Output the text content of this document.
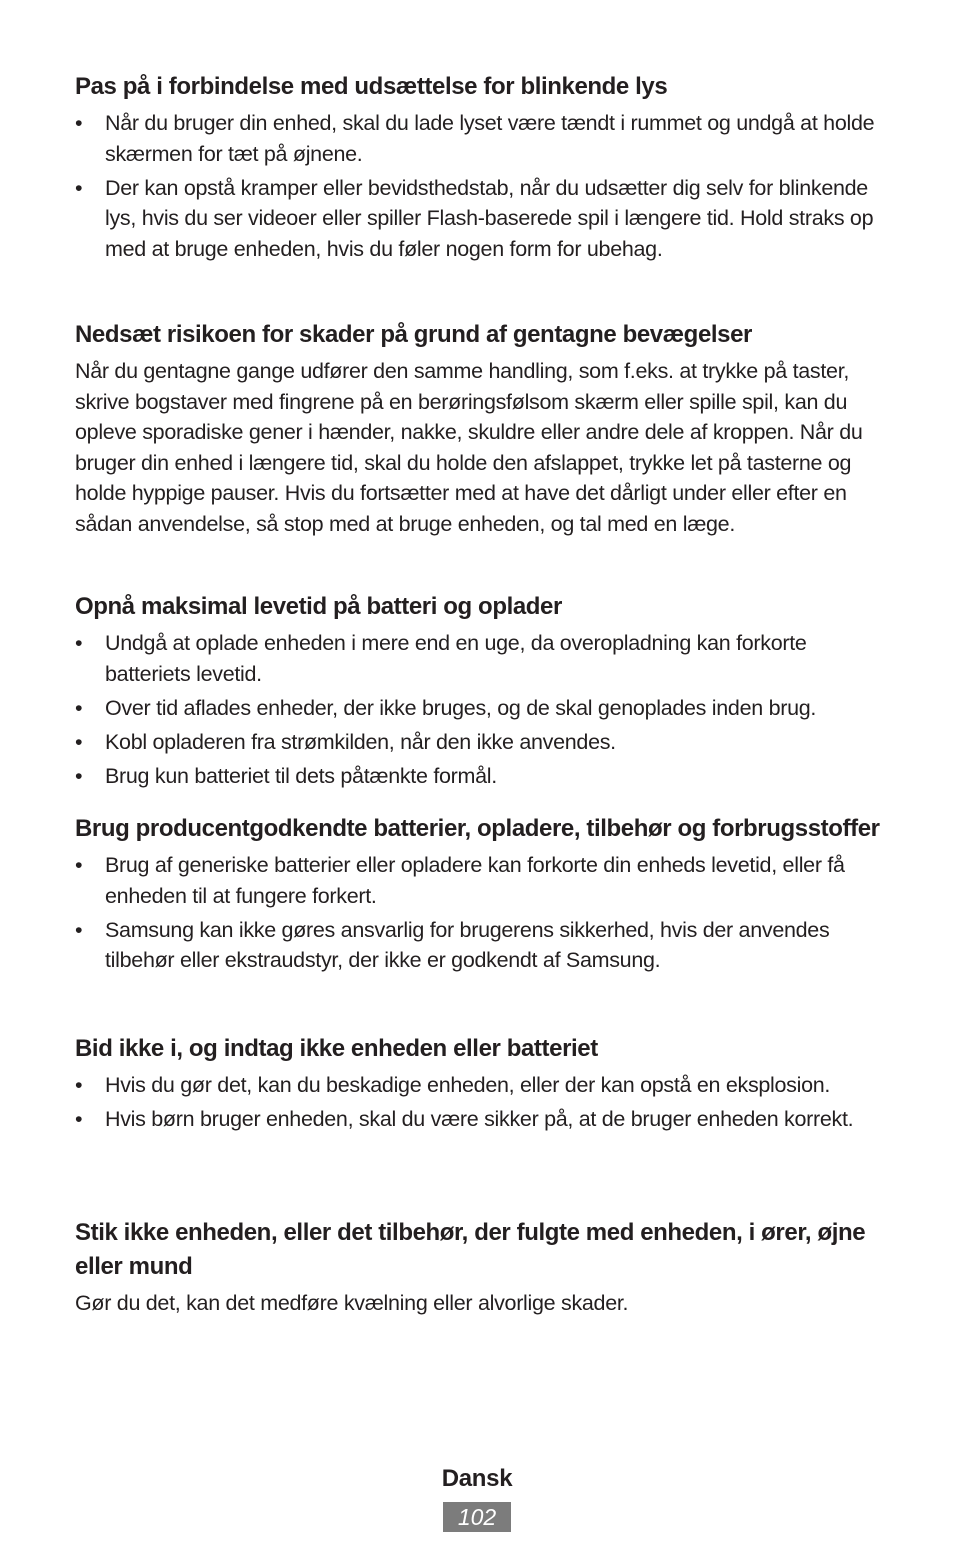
Pas på i forbindelse med udsættelse for blinkende lys
•	Når du bruger din enhed, skal du lade lyset være tændt i rummet og undgå at holde skærmen for tæt på øjnene.
•	Der kan opstå kramper eller bevidsthedstab, når du udsætter dig selv for blinkende lys, hvis du ser videoer eller spiller Flash-baserede spil i længere tid. Hold straks op med at bruge enheden, hvis du føler nogen form for ubehag.
Nedsæt risikoen for skader på grund af gentagne bevægelser

Når du gentagne gange udfører den samme handling, som f.eks. at trykke på taster, skrive bogstaver med fingrene på en berøringsfølsom skærm eller spille spil, kan du opleve sporadiske gener i hænder, nakke, skuldre eller andre dele af kroppen. Når du bruger din enhed i længere tid, skal du holde den afslappet, trykke let på tasterne og holde hyppige pauser. Hvis du fortsætter med at have det dårligt under eller efter en sådan anvendelse, så stop med at bruge enheden, og tal med en læge.

Opnå maksimal levetid på batteri og oplader
•	Undgå at oplade enheden i mere end en uge, da overopladning kan forkorte batteriets levetid.
•	Over tid aflades enheder, der ikke bruges, og de skal genoplades inden brug.
•	Kobl opladeren fra strømkilden, når den ikke anvendes.
•	Brug kun batteriet til dets påtænkte formål.
Brug producentgodkendte batterier, opladere, tilbehør og forbrugsstoffer
•	Brug af generiske batterier eller opladere kan forkorte din enheds levetid, eller få enheden til at fungere forkert.
•	Samsung kan ikke gøres ansvarlig for brugerens sikkerhed, hvis der anvendes tilbehør eller ekstraudstyr, der ikke er godkendt af Samsung.
Bid ikke i, og indtag ikke enheden eller batteriet
•	Hvis du gør det, kan du beskadige enheden, eller der kan opstå en eksplosion.
•	Hvis børn bruger enheden, skal du være sikker på, at de bruger enheden korrekt.
Stik ikke enheden, eller det tilbehør, der fulgte med enheden, i ører, øjne eller mund

Gør du det, kan det medføre kvælning eller alvorlige skader.

Dansk
102
